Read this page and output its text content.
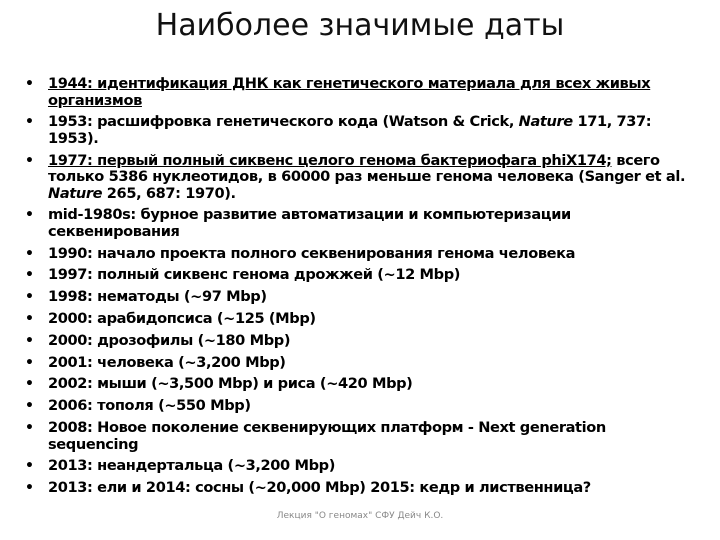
Наиболее значимые даты
• 1944: идентификация ДНК как генетического материала для всех живых организмов
• 1953: расшифровка генетического кода (Watson & Crick, Nature 171, 737: 1953).
• 1977: первый полный сиквенс целого генома бактериофага phiX174; всего только 5386 нуклеотидов, в 60000 раз меньше генома человека (Sanger et al. Nature 265, 687: 1970).
• mid-1980s: бурное развитие автоматизации и компьютеризации секвенирования
• 1990: начало проекта полного секвенирования генома человека
• 1997: полный сиквенс генома дрожжей (~12 Mbp)
• 1998: нематоды (~97 Mbp)
• 2000: арабидопсиса (~125 (Mbp)
• 2000: дрозофилы (~180 Mbp)
• 2001: человека (~3,200 Mbp)
• 2002: мыши (~3,500 Mbp) и риса (~420 Mbp)
• 2006: тополя (~550 Mbp)
• 2008: Новое поколение секвенирующих платформ - Next generation sequencing
• 2013: неандертальца (~3,200 Mbp)
• 2013: ели и 2014: сосны (~20,000 Mbp) 2015: кедр и лиственница?
Лекция "О геномах" СФУ Дейч К.О.
